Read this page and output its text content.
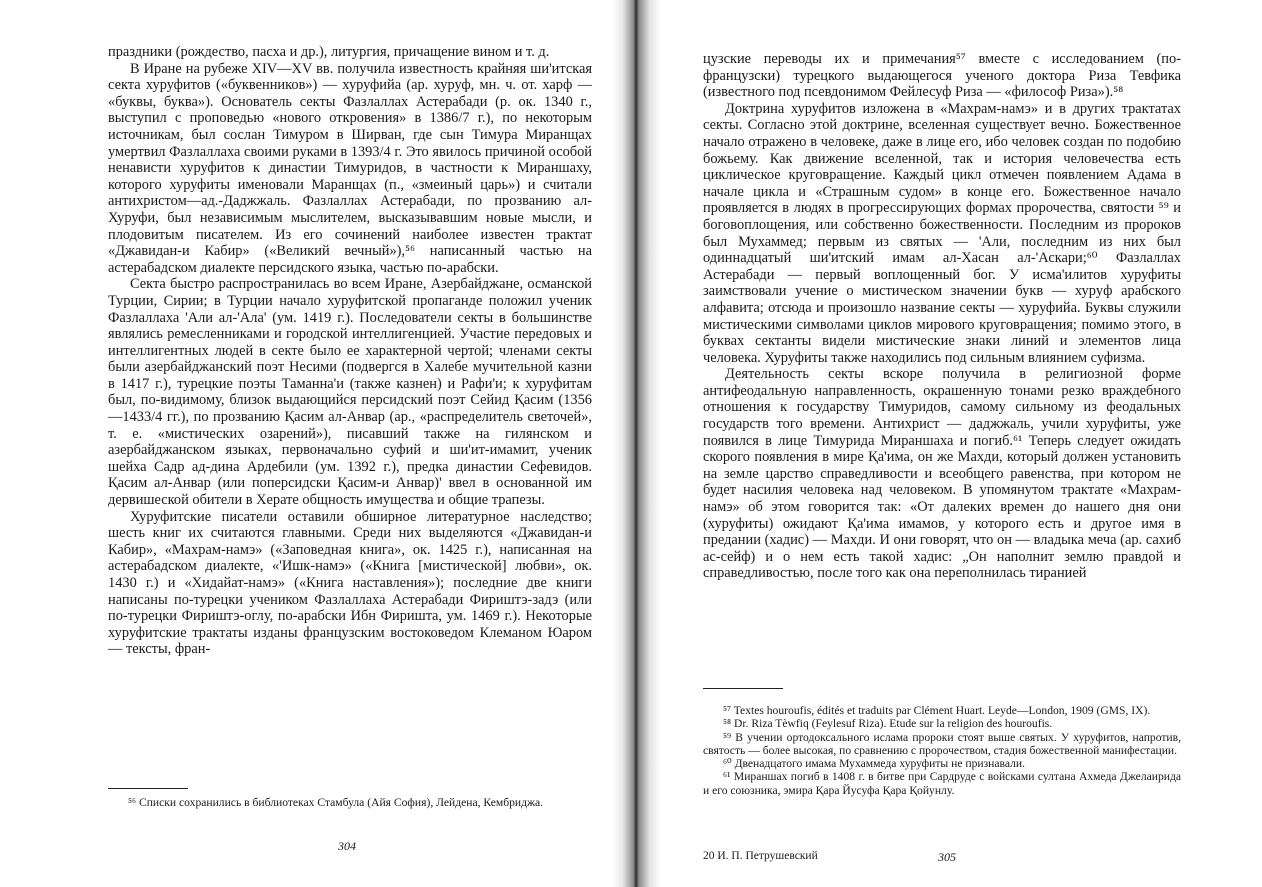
праздники (рождество, пасха и др.), литургия, причащение вином и т. д.

В Иране на рубеже XIV—XV вв. получила известность крайняя ши'итская секта хуруфитов («буквенников») — хуруфийа (ар. хуруф, мн. ч. от. харф — «буквы, буква»). Основатель секты Фазлаллах Астерабади (р. ок. 1340 г., выступил с проповедью «нового откровения» в 1386/7 г.), по некоторым источникам, был сослан Тимуром в Ширван, где сын Тимура Миранщах умертвил Фазлаллаха своими руками в 1393/4 г. Это явилось причиной особой ненависти хуруфитов к династии Тимуридов, в частности к Мираншаху, которого хуруфиты именовали Маранщах (п., «змеиный царь») и считали антихристом—ад.-Даджжаль. Фазлаллах Астерабади, по прозванию ал-Хуруфи, был независимым мыслителем, высказывавшим новые мысли, и плодовитым писателем. Из его сочинений наиболее известен трактат «Джавидан-и Кабир» («Великий вечный»),⁵⁶ написанный частью на астерабадском диалекте персидского языка, частью по-арабски.

Секта быстро распространилась во всем Иране, Азербайджане, османской Турции, Сирии; в Турции начало хуруфитской пропаганде положил ученик Фазлаллаха 'Али ал-'Ала' (ум. 1419 г.). Последователи секты в большинстве являлись ремесленниками и городской интеллигенцией. Участие передовых и интеллигентных людей в секте было ее характерной чертой; членами секты были азербайджанский поэт Несими (подвергся в Халебе мучительной казни в 1417 г.), турецкие поэты Таманна'и (также казнен) и Рафи'и; к хуруфитам был, по-видимому, близок выдающийся персидский поэт Сейид Қасим (1356—1433/4 гг.), по прозванию Қасим ал-Анвар (ар., «распределитель светочей», т. е. «мистических озарений»), писавший также на гилянском и азербайджанском языках, первоначально суфий и ши'ит-имамит, ученик шейха Садр ад-дина Ардебили (ум. 1392 г.), предка династии Сефевидов. Қасим ал-Анвар (или поперсидски Қасим-и Анвар)' ввел в основанной им дервишеской обители в Херате общность имущества и общие трапезы.

Хуруфитские писатели оставили обширное литературное наследство; шесть книг их считаются главными. Среди них выделяются «Джавидан-и Кабир», «Махрам-намэ» («Заповедная книга», ок. 1425 г.), написанная на астерабадском диалекте, «'Ишк-намэ» («Книга [мистической] любви», ок. 1430 г.) и «Хидайат-намэ» («Книга наставления»); последние две книги написаны по-турецки учеником Фазлаллаха Астерабади Фириштэ-задэ (или по-турецки Фириштэ-оглу, по-арабски Ибн Фириштa, ум. 1469 г.). Некоторые хуруфитские трактаты изданы французским востоковедом Клеманом Юаром — тексты, фран-

⁵⁶ Списки сохранились в библиотеках Стамбула (Айя София), Лейдена, Кембриджа.

304

цузские переводы их и примечания⁵⁷ вместе с исследованием (по-французски) турецкого выдающегося ученого доктора Риза Тевфика (известного под псевдонимом Фейлесуф Риза — «философ Риза»).⁵⁸

Доктрина хуруфитов изложена в «Махрам-намэ» и в других трактатах секты. Согласно этой доктрине, вселенная существует вечно. Божественное начало отражено в человеке, даже в лице его, ибо человек создан по подобию божьему. Как движение вселенной, так и история человечества есть циклическое круговращение. Каждый цикл отмечен появлением Адама в начале цикла и «Страшным судом» в конце его. Божественное начало проявляется в людях в прогрессирующих формах пророчества, святости ⁵⁹ и боговоплощения, или собственно божественности. Последним из пророков был Мухаммед; первым из святых — 'Али, последним из них был одиннадцатый ши'итский имам ал-Хасан ал-'Аскари;⁶⁰ Фазлаллах Астерабади — первый воплощенный бог. У исма'илитов хуруфиты заимствовали учение о мистическом значении букв — хурyф арабского алфавита; отсюда и произошло название секты — хуруфийа. Буквы служили мистическими символами циклов мирового круговращения; помимо этого, в буквах сектанты видели мистические знаки линий и элементов лица человека. Хуруфиты также находились под сильным влиянием суфизма.

Деятельность секты вскоре получила в религиозной форме антифеодальную направленность, окрашенную тонами резко враждебного отношения к государству Тимуридов, самому сильному из феодальных государств того времени. Антихрист — даджжаль, учили хуруфиты, уже появился в лице Тимурида Мираншаха и погиб.⁶¹ Теперь следует ожидать скорого появления в мире Қа'има, он же Махди, который должен установить на земле царство справедливости и всеобщего равенства, при котором не будет насилия человека над человеком. В упомянутом трактате «Махрам-намэ» об этом говорится так: «От далеких времен до нашего дня они (хуруфиты) ожидают Қа'има имамов, у которого есть и другое имя в предании (хадис) — Махди. И они говорят, что он — владыка меча (ар. сахиб ас-сейф) и о нем есть такой хадис: „Он наполнит землю правдой и справедливостью, после того как она переполнилась тиранией

⁵⁷ Textes houroufis, édités et traduits par Clément Huart. Leyde—London, 1909 (GMS, IX).

⁵⁸ Dr. Riza Tèwfiq (Feylesuf Riza). Etude sur la religion des houroufis.

⁵⁹ В учении ортодоксального ислама пророки стоят выше святых. У хуруфитов, напротив, святость — более высокая, по сравнению с пророчеством, стадия божественной манифестации.

⁶⁰ Двенадцатого имама Мухаммеда хуруфиты не признавали.

⁶¹ Мираншах погиб в 1408 г. в битве при Сардруде с войсками султана Ахмеда Джелаирида и его союзника, эмира Қара Йусуфа Қара Қойунлу.

20 И. П. Петрушевский	305
